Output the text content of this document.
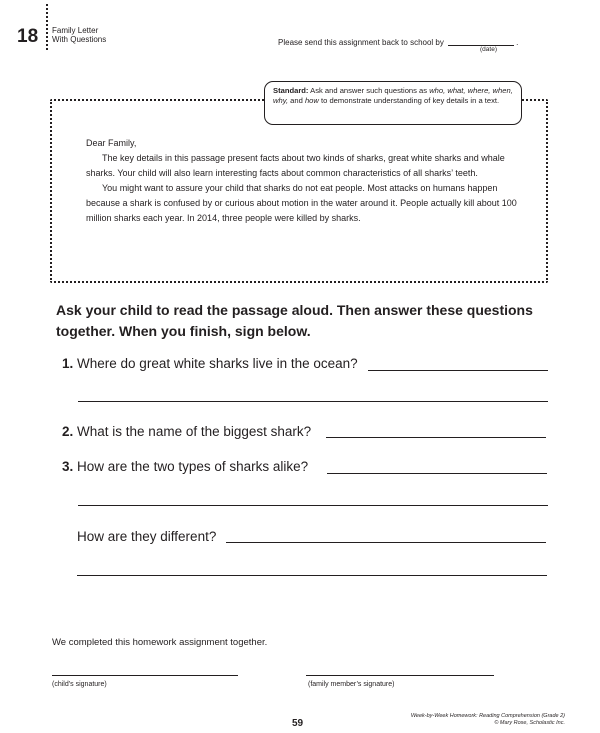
18 Family Letter
With Questions	Please send this assignment back to school by	.
(date)
Standard: Ask and answer such questions as who, what, where, when, why, and how to demonstrate understanding of key details in a text.

Dear Family,

The key details in this passage present facts about two kinds of sharks, great white sharks and whale sharks. Your child will also learn interesting facts about common characteristics of all sharks’ teeth.

You might want to assure your child that sharks do not eat people. Most attacks on humans happen because a shark is confused by or curious about motion in the water around it. People actually kill about 100 million sharks each year. In 2014, three people were killed by sharks.

Ask your child to read the passage aloud. Then answer these questions together. When you finish, sign below.
1. Where do great white sharks live in the ocean?
2. What is the name of the biggest shark?
3. How are the two types of sharks alike?
How are they different?
We completed this homework assignment together.
(child’s signature)	(family member’s signature)
59
Week-by-Week Homework: Reading Comprehension (Grade 2)
© Mary Rose, Scholastic Inc.
